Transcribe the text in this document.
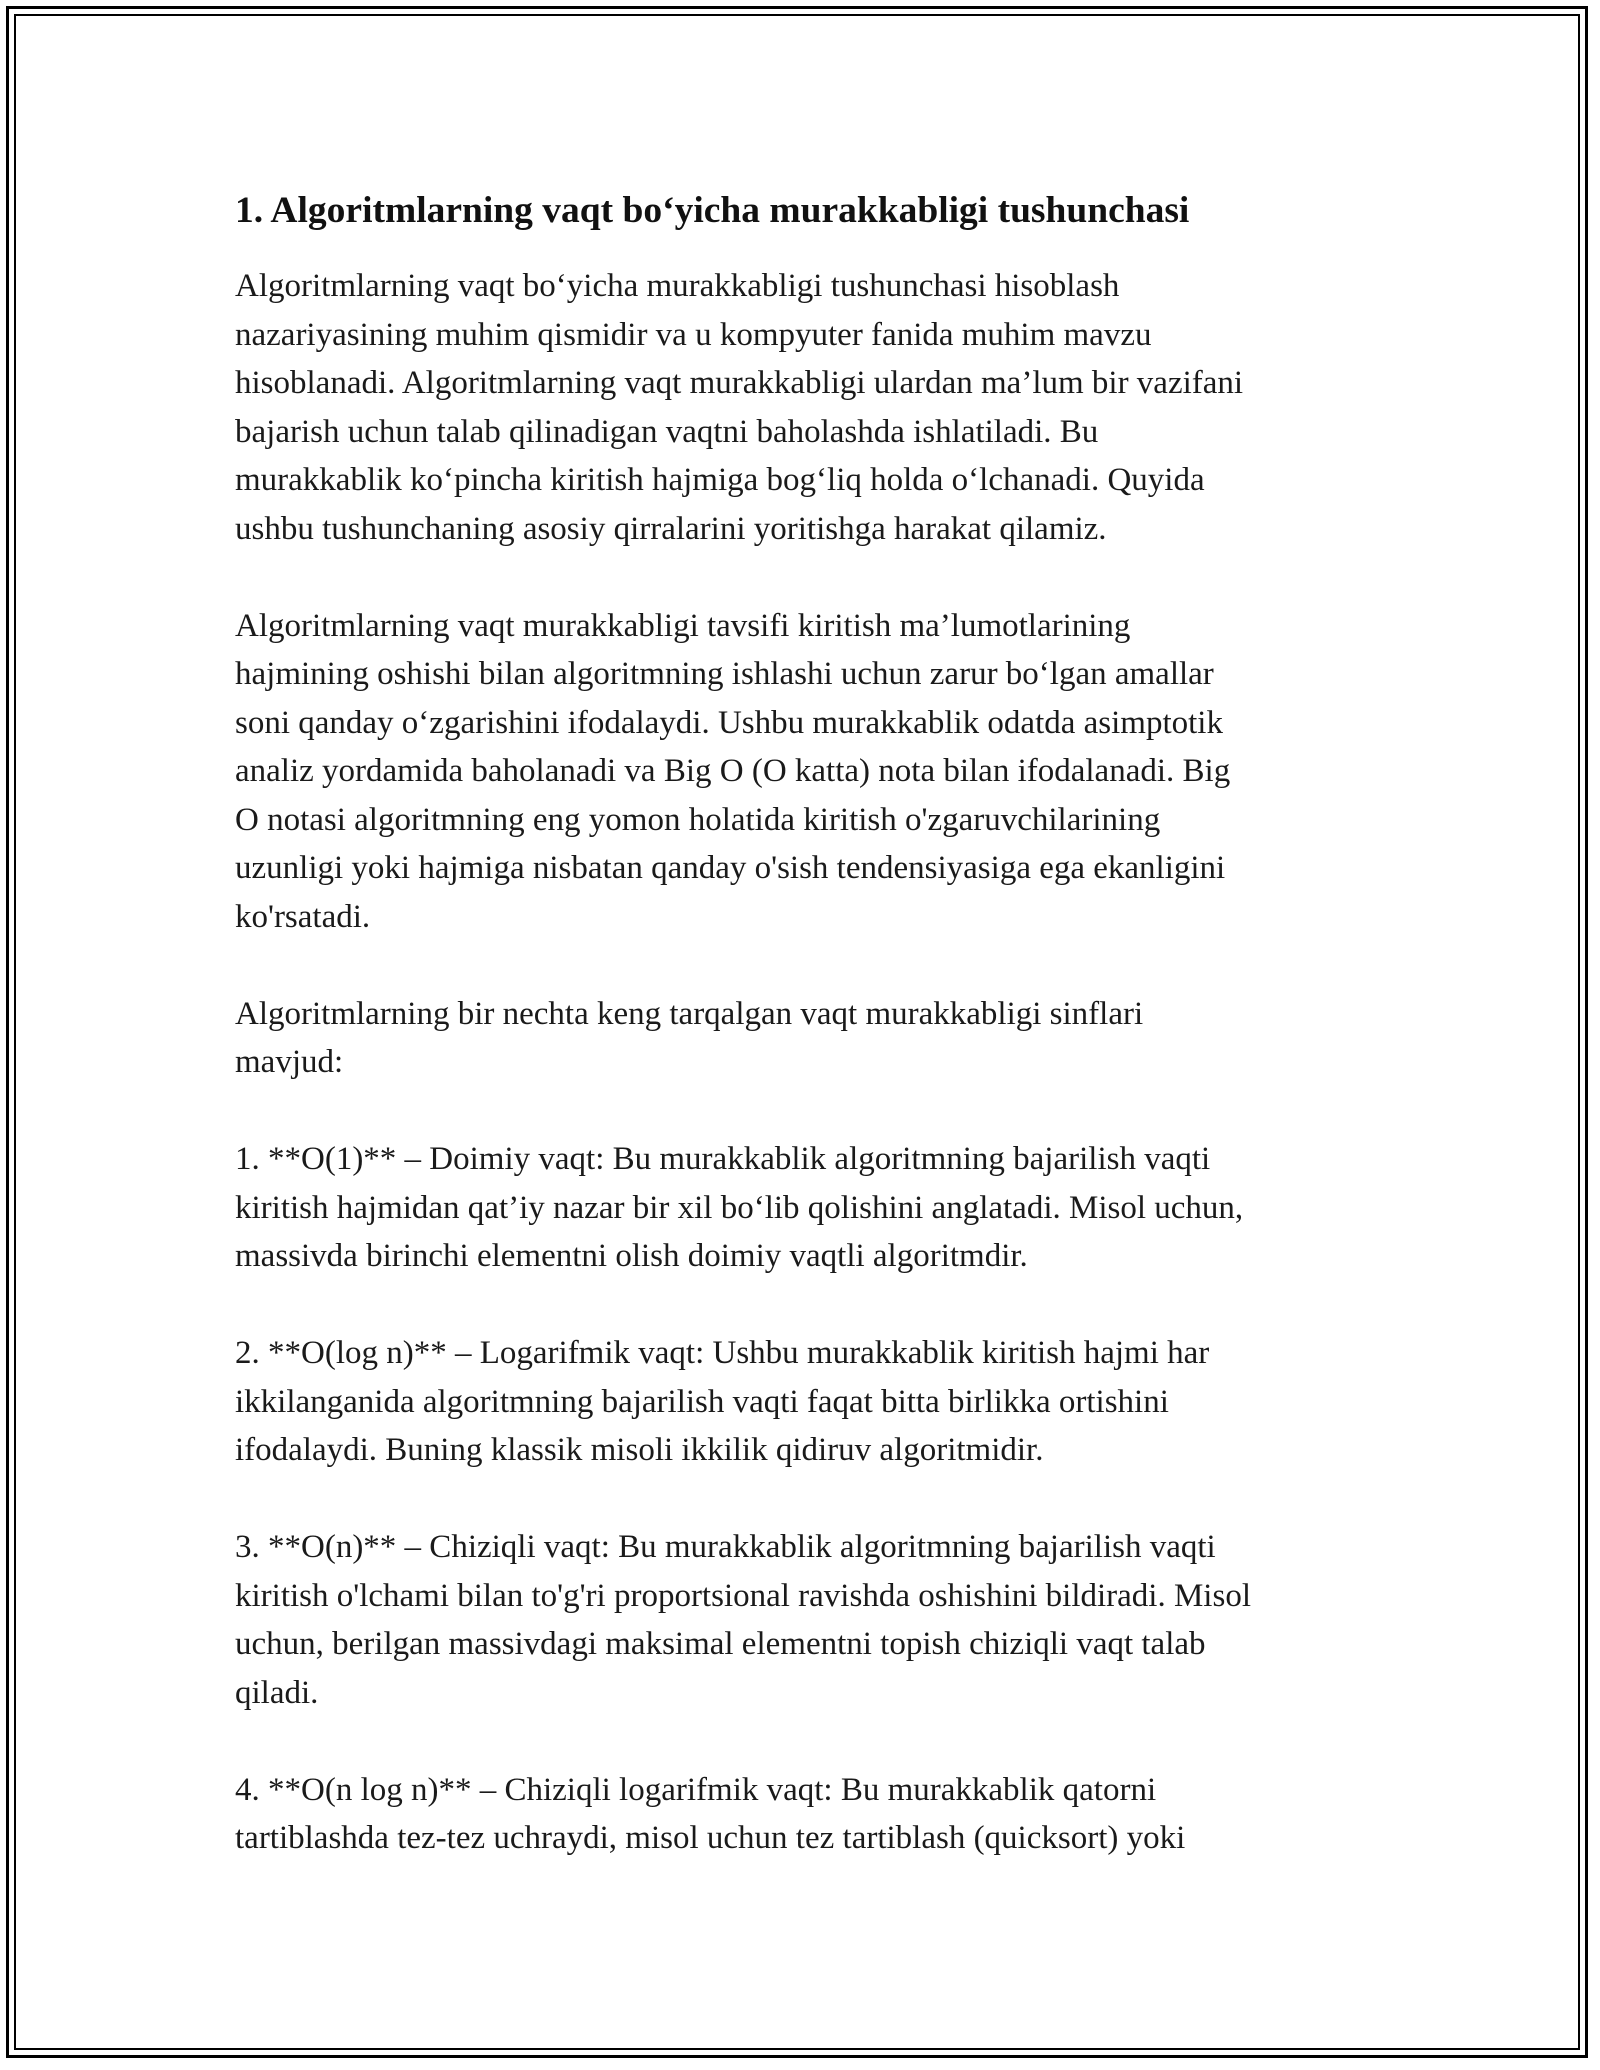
1. Algoritmlarning vaqt bo‘yicha murakkabligi tushunchasi

Algoritmlarning vaqt bo‘yicha murakkabligi tushunchasi hisoblash
nazariyasining muhim qismidir va u kompyuter fanida muhim mavzu
hisoblanadi. Algoritmlarning vaqt murakkabligi ulardan ma’lum bir vazifani
bajarish uchun talab qilinadigan vaqtni baholashda ishlatiladi. Bu
murakkablik ko‘pincha kiritish hajmiga bog‘liq holda o‘lchanadi. Quyida
ushbu tushunchaning asosiy qirralarini yoritishga harakat qilamiz.

Algoritmlarning vaqt murakkabligi tavsifi kiritish ma’lumotlarining
hajmining oshishi bilan algoritmning ishlashi uchun zarur bo‘lgan amallar
soni qanday o‘zgarishini ifodalaydi. Ushbu murakkablik odatda asimptotik
analiz yordamida baholanadi va Big O (O katta) nota bilan ifodalanadi. Big
O notasi algoritmning eng yomon holatida kiritish o'zgaruvchilarining
uzunligi yoki hajmiga nisbatan qanday o'sish tendensiyasiga ega ekanligini
ko'rsatadi.

Algoritmlarning bir nechta keng tarqalgan vaqt murakkabligi sinflari
mavjud:

1. **O(1)** – Doimiy vaqt: Bu murakkablik algoritmning bajarilish vaqti
kiritish hajmidan qat’iy nazar bir xil bo‘lib qolishini anglatadi. Misol uchun,
massivda birinchi elementni olish doimiy vaqtli algoritmdir.

2. **O(log n)** – Logarifmik vaqt: Ushbu murakkablik kiritish hajmi har
ikkilanganida algoritmning bajarilish vaqti faqat bitta birlikka ortishini
ifodalaydi. Buning klassik misoli ikkilik qidiruv algoritmidir.

3. **O(n)** – Chiziqli vaqt: Bu murakkablik algoritmning bajarilish vaqti
kiritish o'lchami bilan to'g'ri proportsional ravishda oshishini bildiradi. Misol
uchun, berilgan massivdagi maksimal elementni topish chiziqli vaqt talab
qiladi.

4. **O(n log n)** – Chiziqli logarifmik vaqt: Bu murakkablik qatorni
tartiblashda tez-tez uchraydi, misol uchun tez tartiblash (quicksort) yoki
